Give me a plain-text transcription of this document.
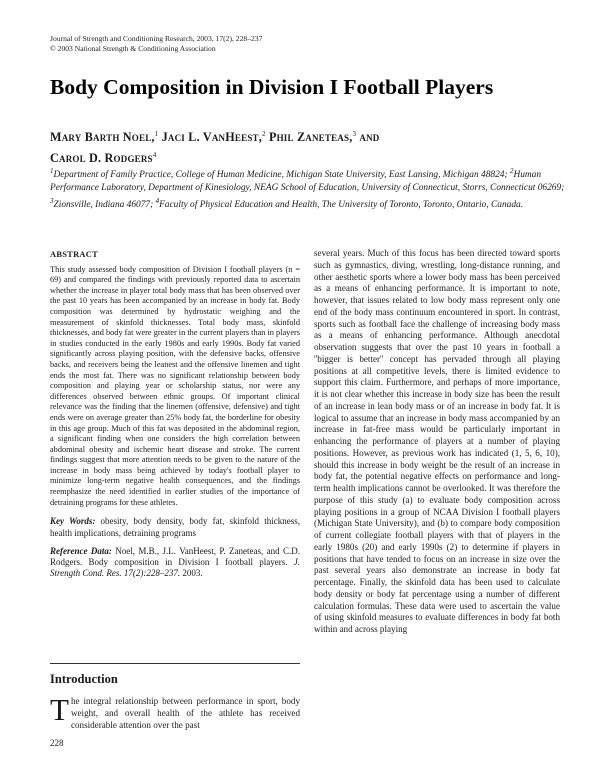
Journal of Strength and Conditioning Research, 2003, 17(2), 228–237
© 2003 National Strength & Conditioning Association
Body Composition in Division I Football Players
Mary Barth Noel,$^1$ Jaci L. VanHeest,$^2$ Phil Zaneteas,$^3$ and
Carol D. Rodgers$^4$
$^1$Department of Family Practice, College of Human Medicine, Michigan State University, East Lansing, Michigan 48824; $^2$Human Performance Laboratory, Department of Kinesiology, NEAG School of Education, University of Connecticut, Storrs, Connecticut 06269; $^3$Zionsville, Indiana 46077; $^4$Faculty of Physical Education and Health, The University of Toronto, Toronto, Ontario, Canada.
ABSTRACT

This study assessed body composition of Division I football players (n = 69) and compared the findings with previously reported data to ascertain whether the increase in player total body mass that has been observed over the past 10 years has been accompanied by an increase in body fat. Body composition was determined by hydrostatic weighing and the measurement of skinfold thicknesses. Total body mass, skinfold thicknesses, and body fat were greater in the current players than in players in studies conducted in the early 1980s and early 1990s. Body fat varied significantly across playing position, with the defensive backs, offensive backs, and receivers being the leanest and the offensive linemen and tight ends the most fat. There was no significant relationship between body composition and playing year or scholarship status, nor were any differences observed between ethnic groups. Of important clinical relevance was the finding that the linemen (offensive, defensive) and tight ends were on average greater than 25% body fat, the borderline for obesity in this age group. Much of this fat was deposited in the abdominal region, a significant finding when one considers the high correlation between abdominal obesity and ischemic heart disease and stroke. The current findings suggest that more attention needs to be given to the nature of the increase in body mass being achieved by today's football player to minimize long-term negative health consequences, and the findings reemphasize the need identified in earlier studies of the importance of detraining programs for these athletes.

Key Words: obesity, body density, body fat, skinfold thickness, health implications, detraining programs
Reference Data: Noel, M.B., J.L. VanHeest, P. Zaneteas, and C.D. Rodgers. Body composition in Division I football players. J. Strength Cond. Res. 17(2):228–237. 2003.
Introduction
The integral relationship between performance in sport, body weight, and overall health of the athlete has received considerable attention over the past

several years. Much of this focus has been directed toward sports such as gymnastics, diving, wrestling, long-distance running, and other aesthetic sports where a lower body mass has been perceived as a means of enhancing performance. It is important to note, however, that issues related to low body mass represent only one end of the body mass continuum encountered in sport. In contrast, sports such as football face the challenge of increasing body mass as a means of enhancing performance. Although anecdotal observation suggests that over the past 10 years in football a ''bigger is better'' concept has pervaded through all playing positions at all competitive levels, there is limited evidence to support this claim. Furthermore, and perhaps of more importance, it is not clear whether this increase in body size has been the result of an increase in lean body mass or of an increase in body fat. It is logical to assume that an increase in body mass accompanied by an increase in fat-free mass would be particularly important in enhancing the performance of players at a number of playing positions. However, as previous work has indicated (1, 5, 6, 10), should this increase in body weight be the result of an increase in body fat, the potential negative effects on performance and long-term health implications cannot be overlooked. It was therefore the purpose of this study (a) to evaluate body composition across playing positions in a group of NCAA Division I football players (Michigan State University), and (b) to compare body composition of current collegiate football players with that of players in the early 1980s (20) and early 1990s (2) to determine if players in positions that have tended to focus on an increase in size over the past several years also demonstrate an increase in body fat percentage. Finally, the skinfold data has been used to calculate body density or body fat percentage using a number of different calculation formulas. These data were used to ascertain the value of using skinfold measures to evaluate differences in body fat both within and across playing

228
